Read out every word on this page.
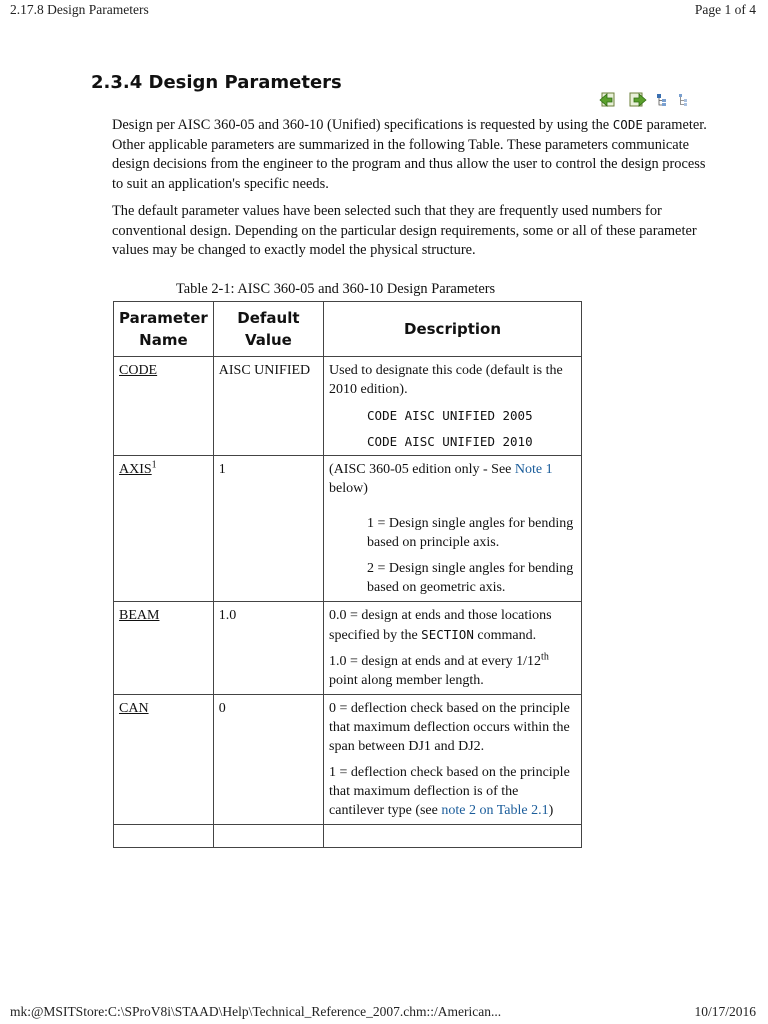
2.17.8 Design Parameters	Page 1 of 4
2.3.4 Design Parameters

Design per AISC 360-05 and 360-10 (Unified) specifications is requested by using the CODE parameter. Other applicable parameters are summarized in the following Table. These parameters communicate design decisions from the engineer to the program and thus allow the user to control the design process to suit an application's specific needs.

The default parameter values have been selected such that they are frequently used numbers for conventional design. Depending on the particular design requirements, some or all of these parameter values may be changed to exactly model the physical structure.

Table 2-1: AISC 360-05 and 360-10 Design Parameters
Parameter Name	Default Value	Description
CODE	AISC UNIFIED	Used to designate this code (default is the 2010 edition).

CODE AISC UNIFIED 2005

CODE AISC UNIFIED 2010

AXIS$^1$	1	(AISC 360-05 edition only - See Note 1 below)

1 = Design single angles for bending based on principle axis.

2 = Design single angles for bending based on geometric axis.

BEAM	1.0	0.0 = design at ends and those locations specified by the SECTION command.

1.0 = design at ends and at every 1/12th point along member length.

CAN	0	0 = deflection check based on the principle that maximum deflection occurs within the span between DJ1 and DJ2.

1 = deflection check based on the principle that maximum deflection is of the cantilever type (see note 2 on Table 2.1)

mk:@MSITStore:C:\SProV8i\STAAD\Help\Technical_Reference_2007.chm::/American...	10/17/2016
